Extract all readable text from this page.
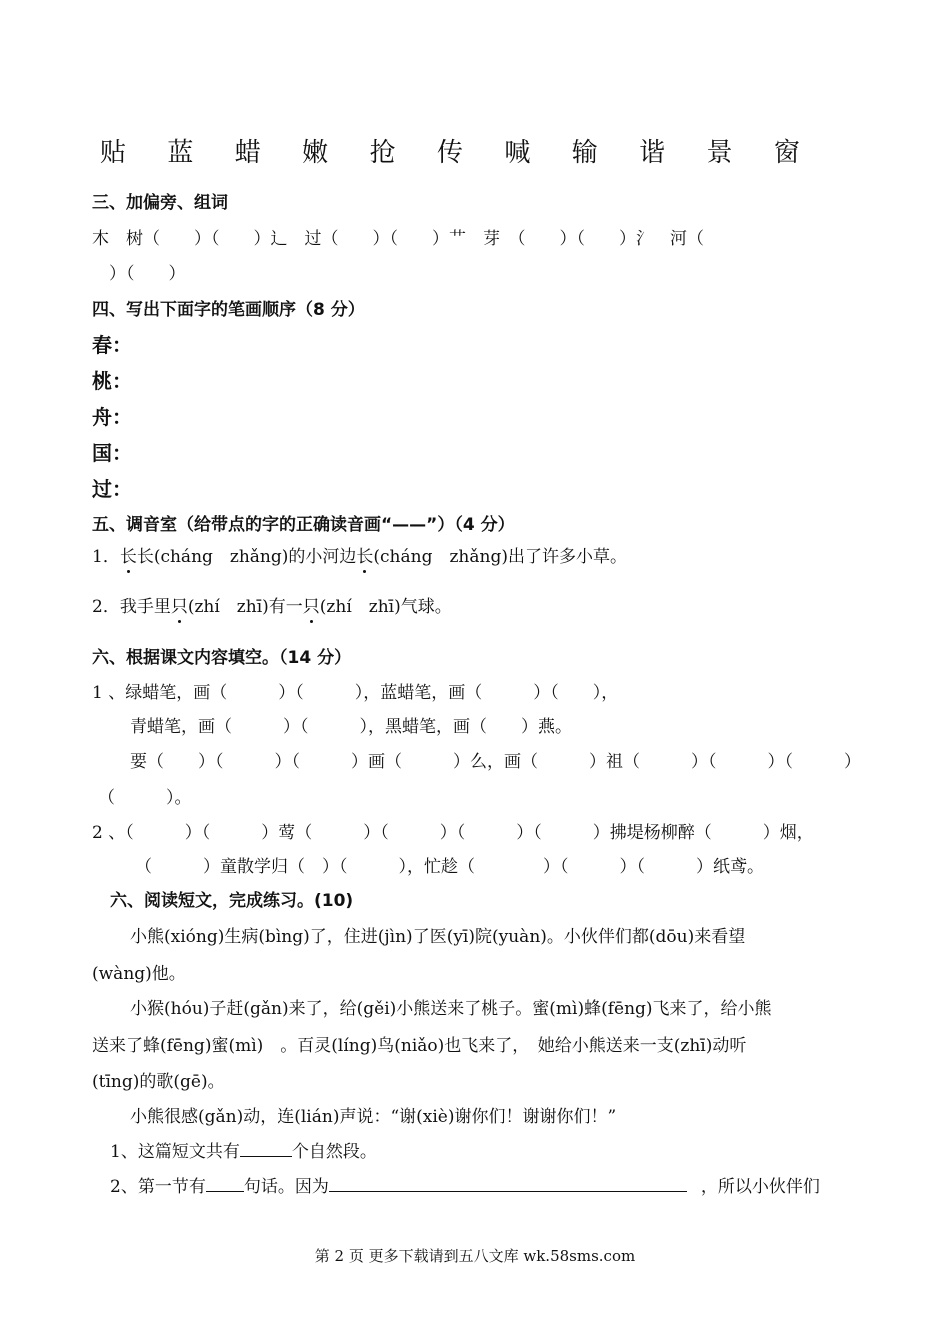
贴 蓝 蜡 嫩 抢 传 喊 输 谐 景 窗
三、加偏旁、组词
木　树（　　）（　　）辶　过（　　）（　　）艹　芽　（　　）（　　）氵　河（
　）（　　）
四、写出下面字的笔画顺序（8 分）
春：
桃：
舟：
国：
过：
五、调音室（给带点的字的正确读音画“——”）（4 分）
1．长长(cháng　zhǎng)的小河边长(cháng　zhǎng)出了许多小草。
2．我手里只(zhí　zhī)有一只(zhí　zhī)气球。
六、根据课文内容填空。（14 分）
1 、绿蜡笔，画（　　　）（　　　），蓝蜡笔，画（　　　）（　　），
青蜡笔，画（　　　）（　　　），黑蜡笔，画（　　）燕。
要（　　）（　　　）（　　　）画（　　　）么，画（　　　）祖（　　　）（　　　）（　　　）
（　　　）。
2 、（　　　）（　　　）莺（　　　）（　　　）（　　　）（　　　）拂堤杨柳醉（　　　）烟，
（　　　）童散学归（　）（　　　），忙趁（　　　　）（　　　）（　　　）纸鸢。
六、阅读短文，完成练习。(10)
小熊(xióng)生病(bìng)了，住进(jìn)了医(yī)院(yuàn)。小伙伴们都(dōu)来看望
(wàng)他。
小猴(hóu)子赶(gǎn)来了，给(gěi)小熊送来了桃子。蜜(mì)蜂(fēng)飞来了，给小熊
送来了蜂(fēng)蜜(mì)　。百灵(líng)鸟(niǎo)也飞来了，　她给小熊送来一支(zhī)动听
(tīng)的歌(gē)。
小熊很感(gǎn)动，连(lián)声说：“谢(xiè)谢你们！谢谢你们！”
1、这篇短文共有	个自然段。
2、第一节有 句话。因为	，所以小伙伴们
第 2 页 更多下载请到五八文库 wk.58sms.com
